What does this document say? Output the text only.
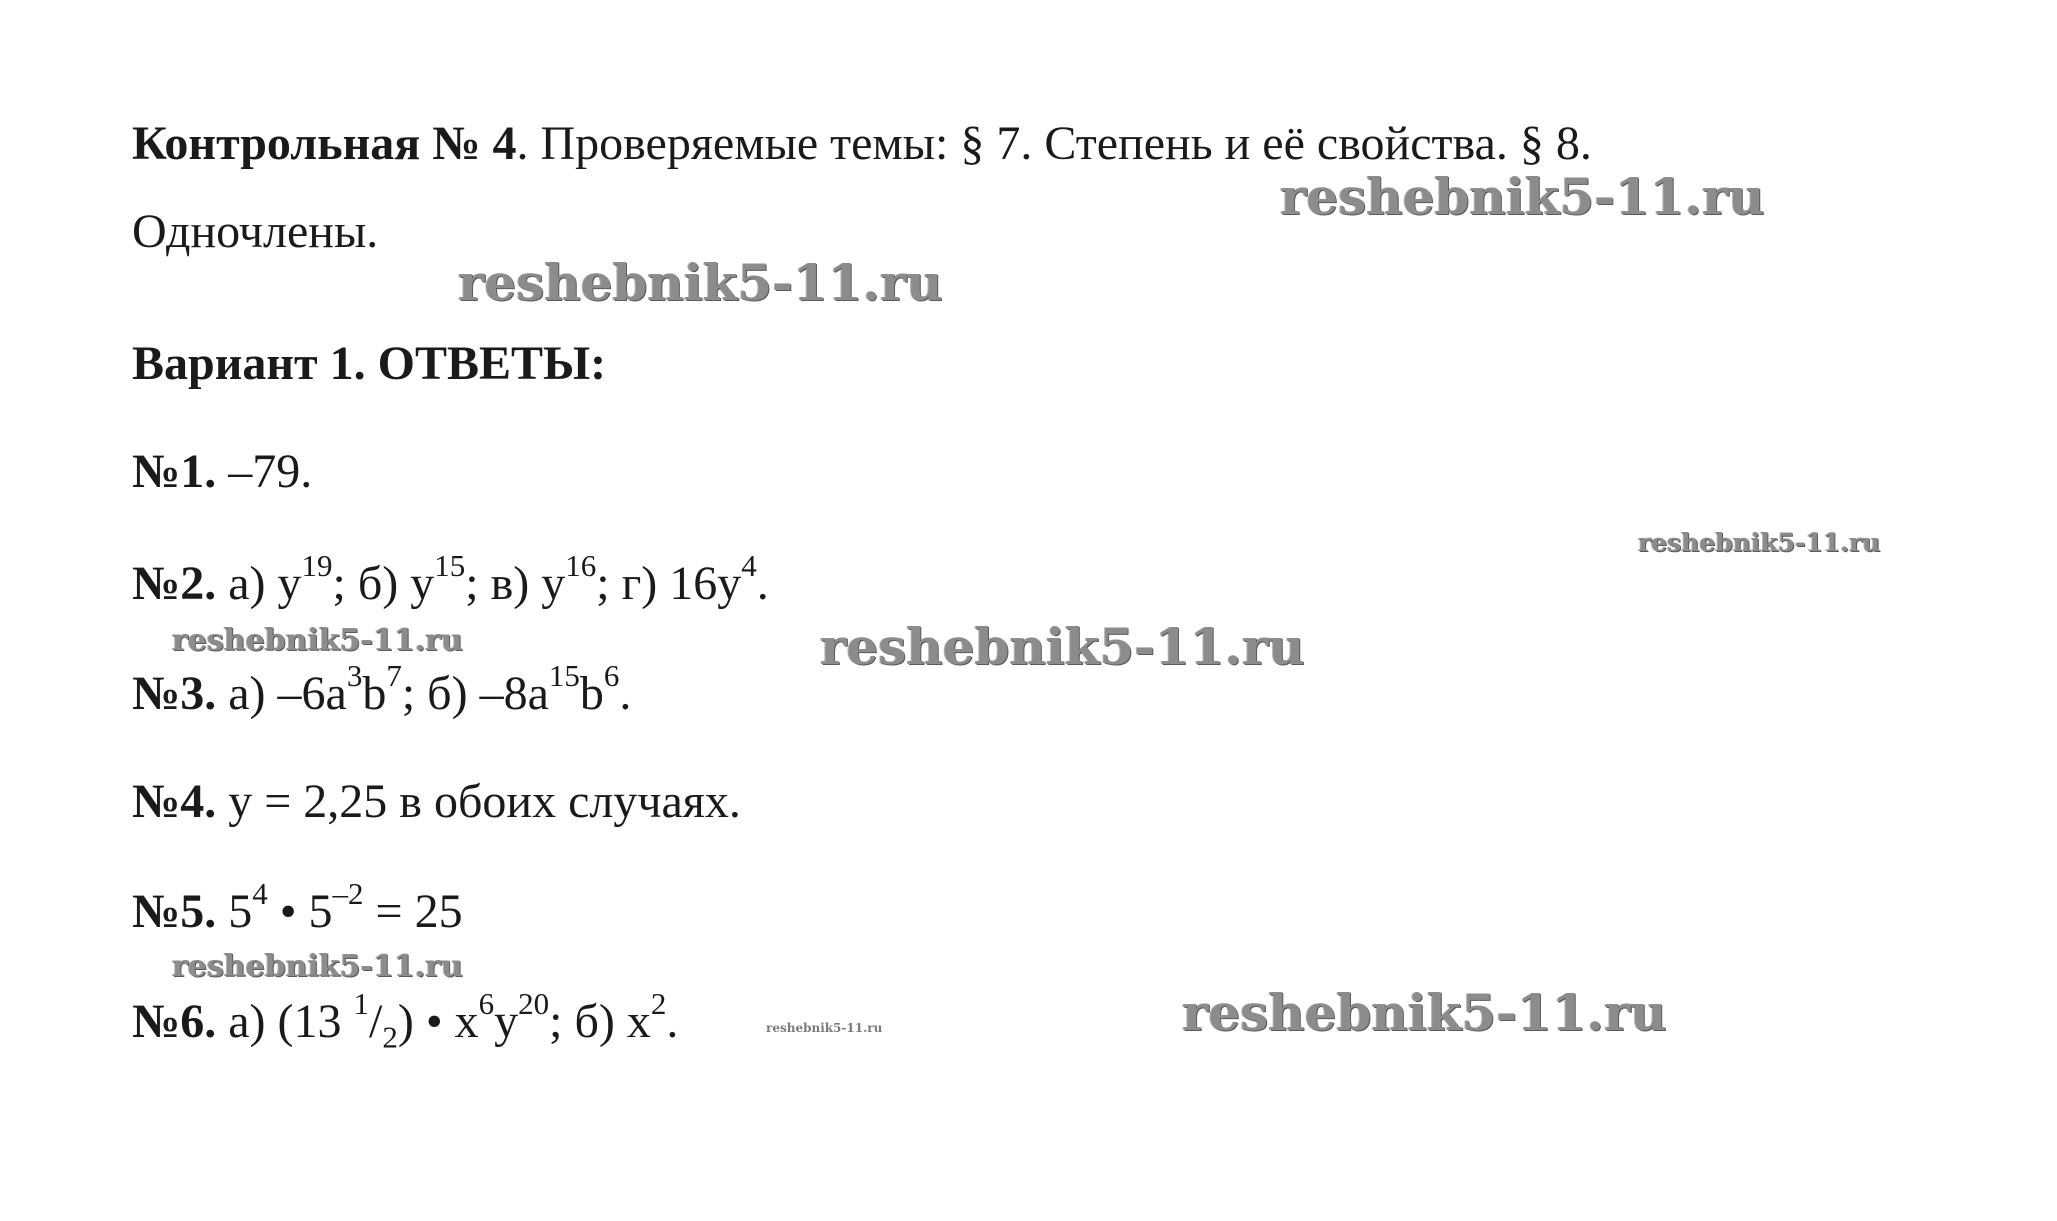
Контрольная № 4. Проверяемые темы: § 7. Степень и её свойства. § 8.
Одночлены.
Вариант 1. ОТВЕТЫ:
№1. –79.
№2. а) $y^{19}$; б) $y^{15}$; в) $y^{16}$; г) $16y^4$.
№3. а) $-6a^3b^7$; б) $-8a^{15}b^6$.
№4. y = 2,25 в обоих случаях.
№5. $5^4$ • $5^{-2} = 25$
№6. а) (13 $^1/_2$) • $x^6y^{20}$; б) $x^2$.
reshebnik5-11.ru
reshebnik5-11.ru
reshebnik5-11.ru
reshebnik5-11.ru	reshebnik5-11.ru
reshebnik5-11.ru
reshebnik5-11.ru
reshebnik5-11.ru
